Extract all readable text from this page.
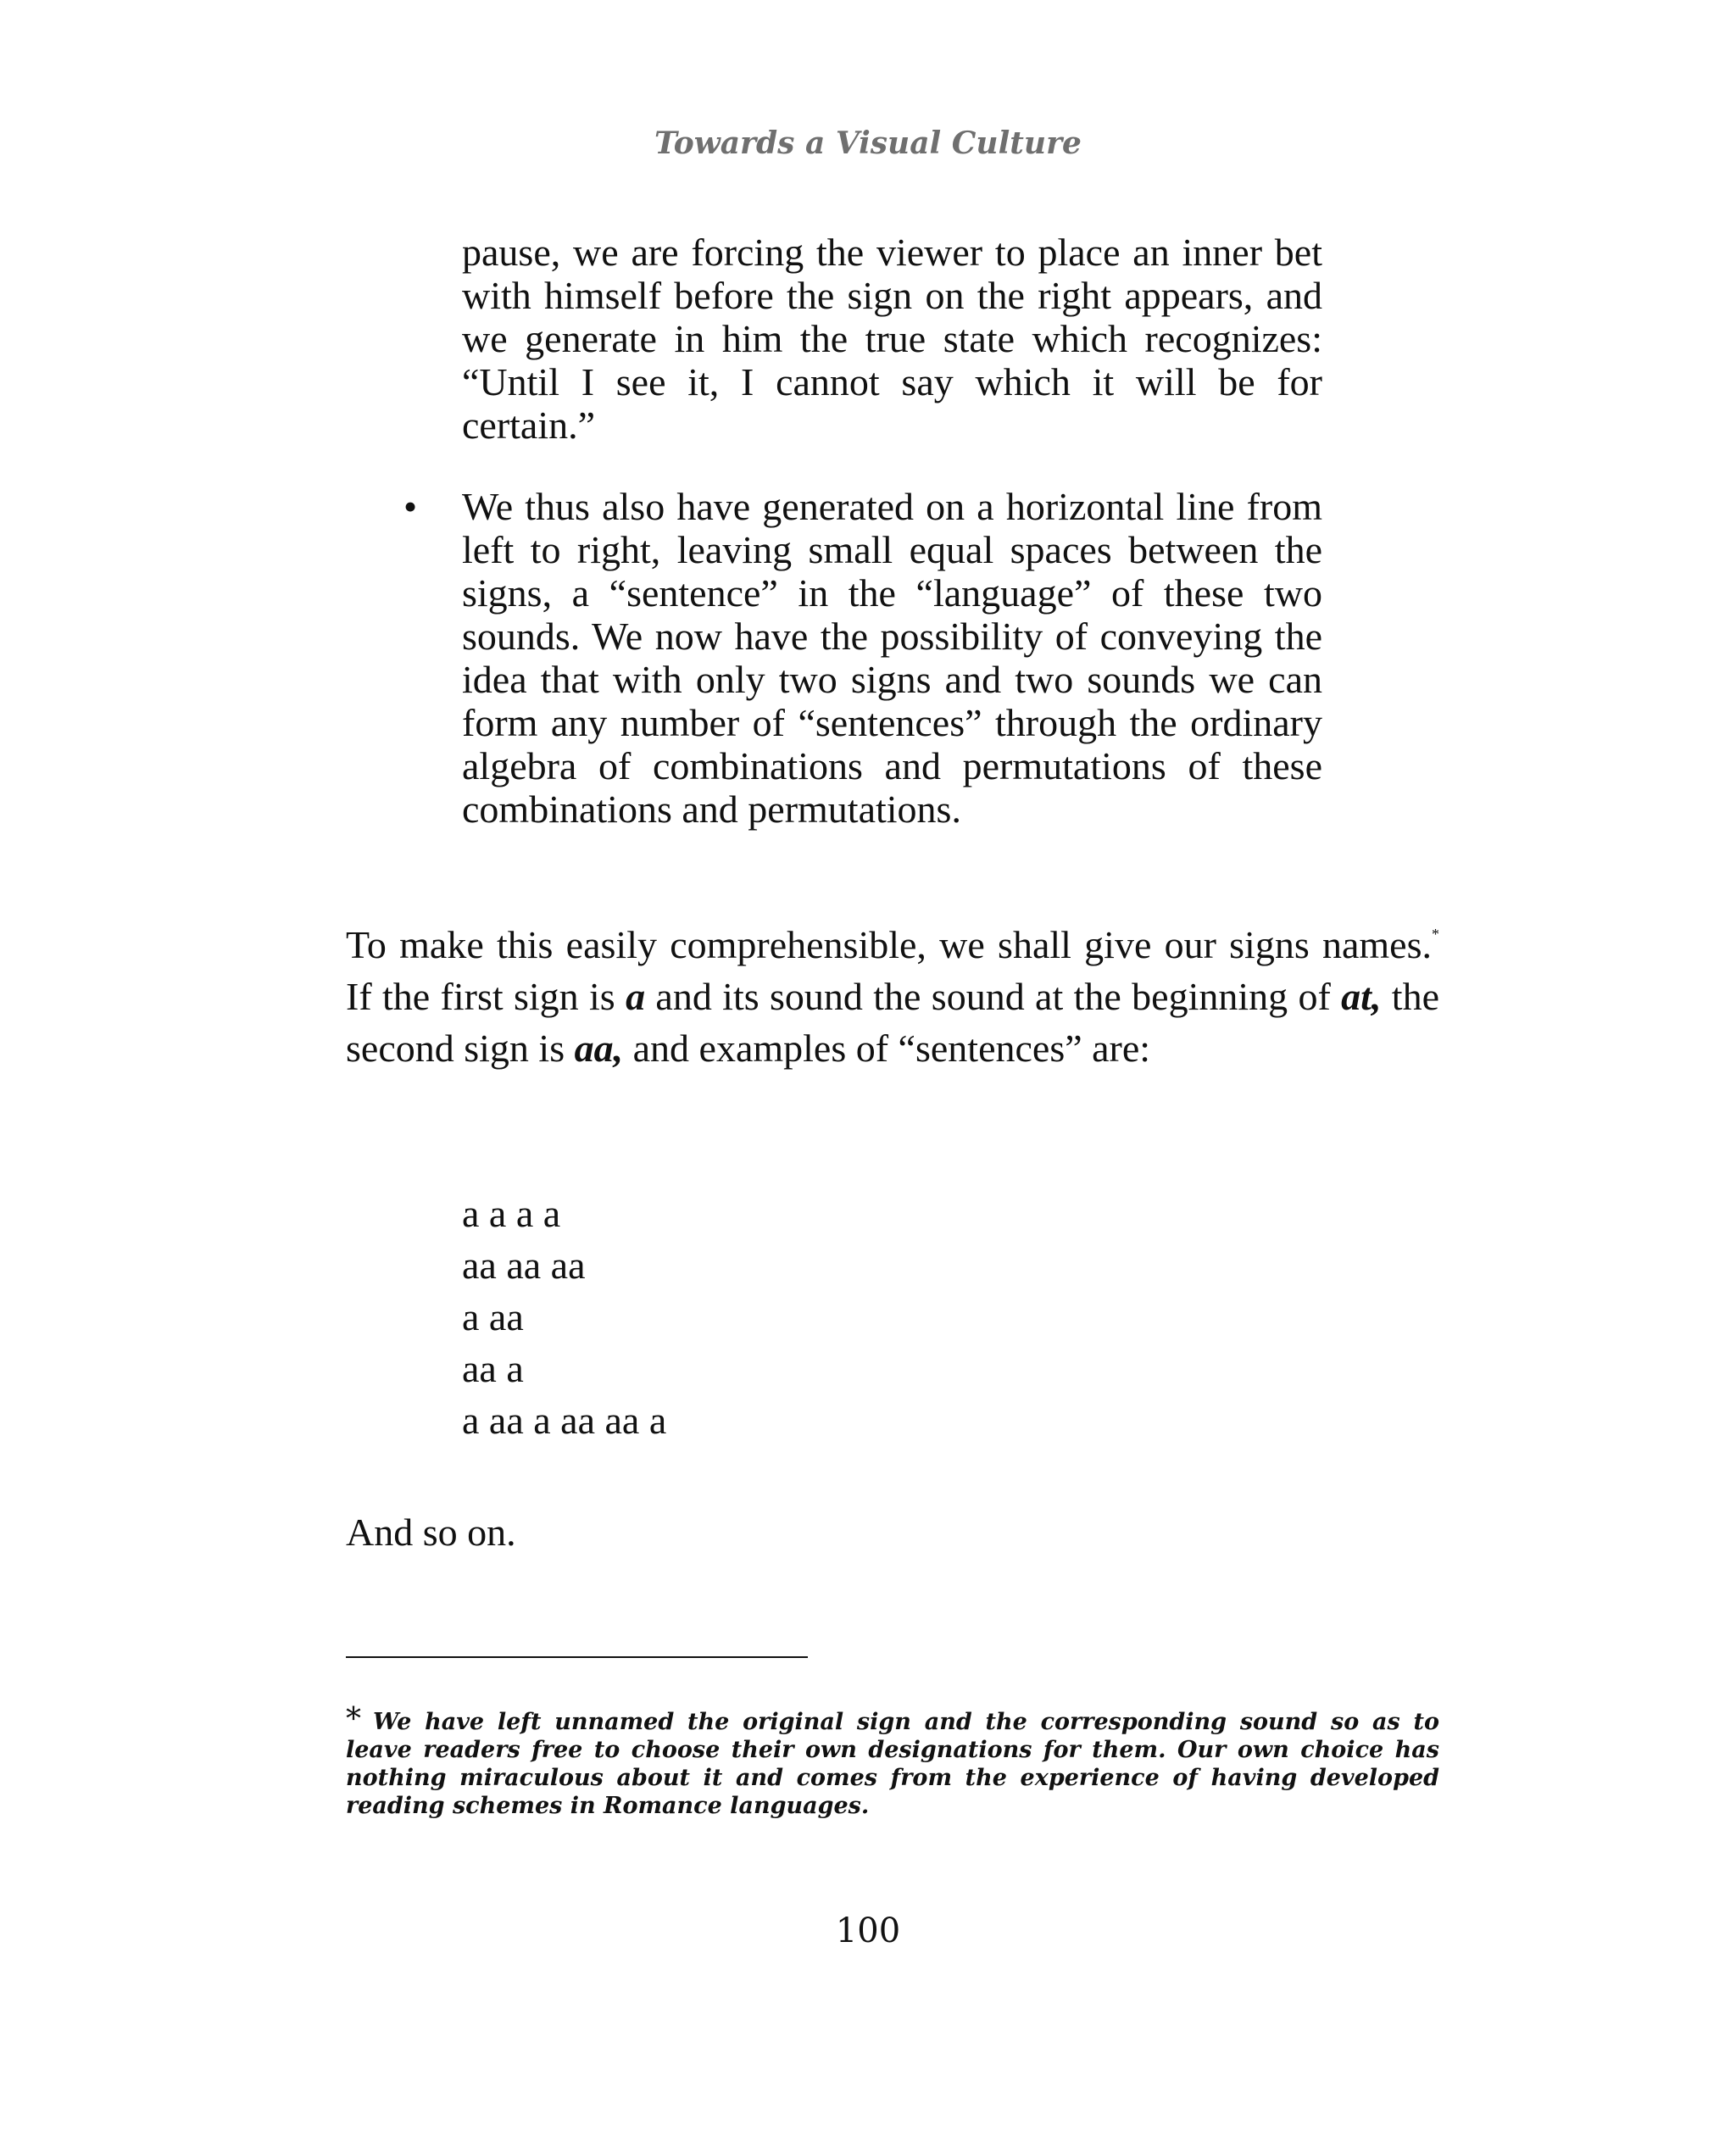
Towards a Visual Culture

pause, we are forcing the viewer to place an inner bet with himself before the sign on the right appears, and we generate in him the true state which recognizes: “Until I see it, I cannot say which it will be for certain.”

• We thus also have generated on a horizontal line from left to right, leaving small equal spaces between the signs, a “sentence” in the “language” of these two sounds. We now have the possibility of conveying the idea that with only two signs and two sounds we can form any number of “sentences” through the ordinary algebra of combinations and permutations of these combinations and permutations.

To make this easily comprehensible, we shall give our signs names.* If the first sign is a and its sound the sound at the beginning of at, the second sign is aa, and examples of “sentences” are:

a a a a
aa aa aa
a aa
aa a
a aa a aa aa a

And so on.

* We have left unnamed the original sign and the corresponding sound so as to leave readers free to choose their own designations for them. Our own choice has nothing miraculous about it and comes from the experience of having developed reading schemes in Romance languages.

100
